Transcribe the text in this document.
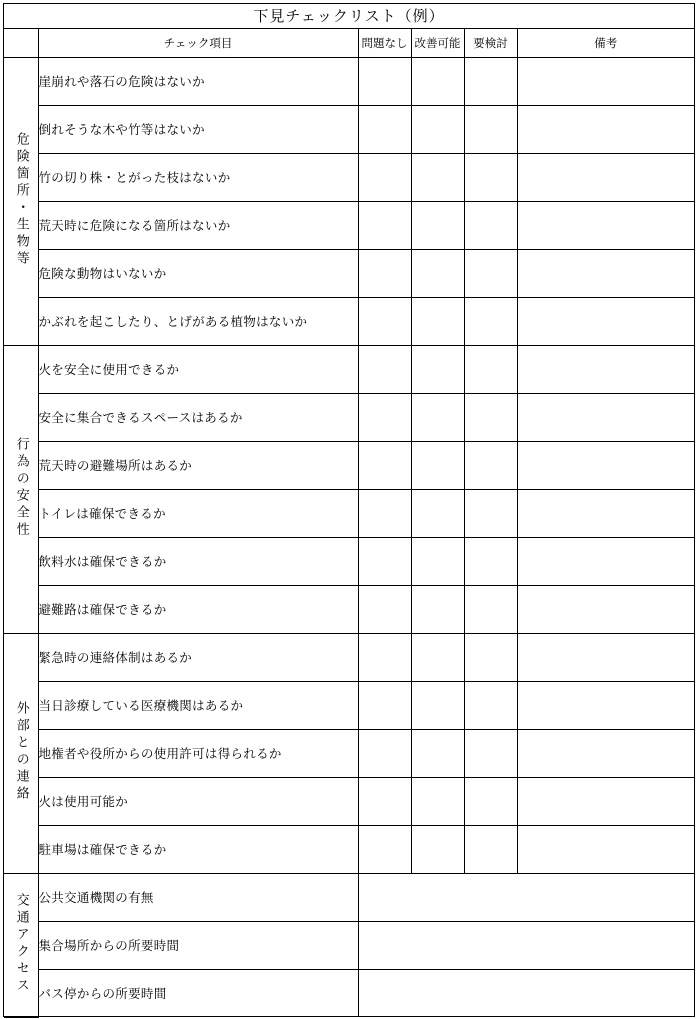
下見チェックリスト（例）
	チェック項目	問題なし	改善可能	要検討	備考
危険箇所・生物等	崖崩れや落石の危険はないか				
	倒れそうな木や竹等はないか				
	竹の切り株・とがった枝はないか				
	荒天時に危険になる箇所はないか				
	危険な動物はいないか				
	かぶれを起こしたり、とげがある植物はないか				
行為の安全性	火を安全に使用できるか				
	安全に集合できるスペースはあるか				
	荒天時の避難場所はあるか				
	トイレは確保できるか				
	飲料水は確保できるか				
	避難路は確保できるか				
外部との連絡	緊急時の連絡体制はあるか				
	当日診療している医療機関はあるか				
	地権者や役所からの使用許可は得られるか				
	火は使用可能か				
	駐車場は確保できるか				
交通アクセス	公共交通機関の有無				
	集合場所からの所要時間				
	バス停からの所要時間				
